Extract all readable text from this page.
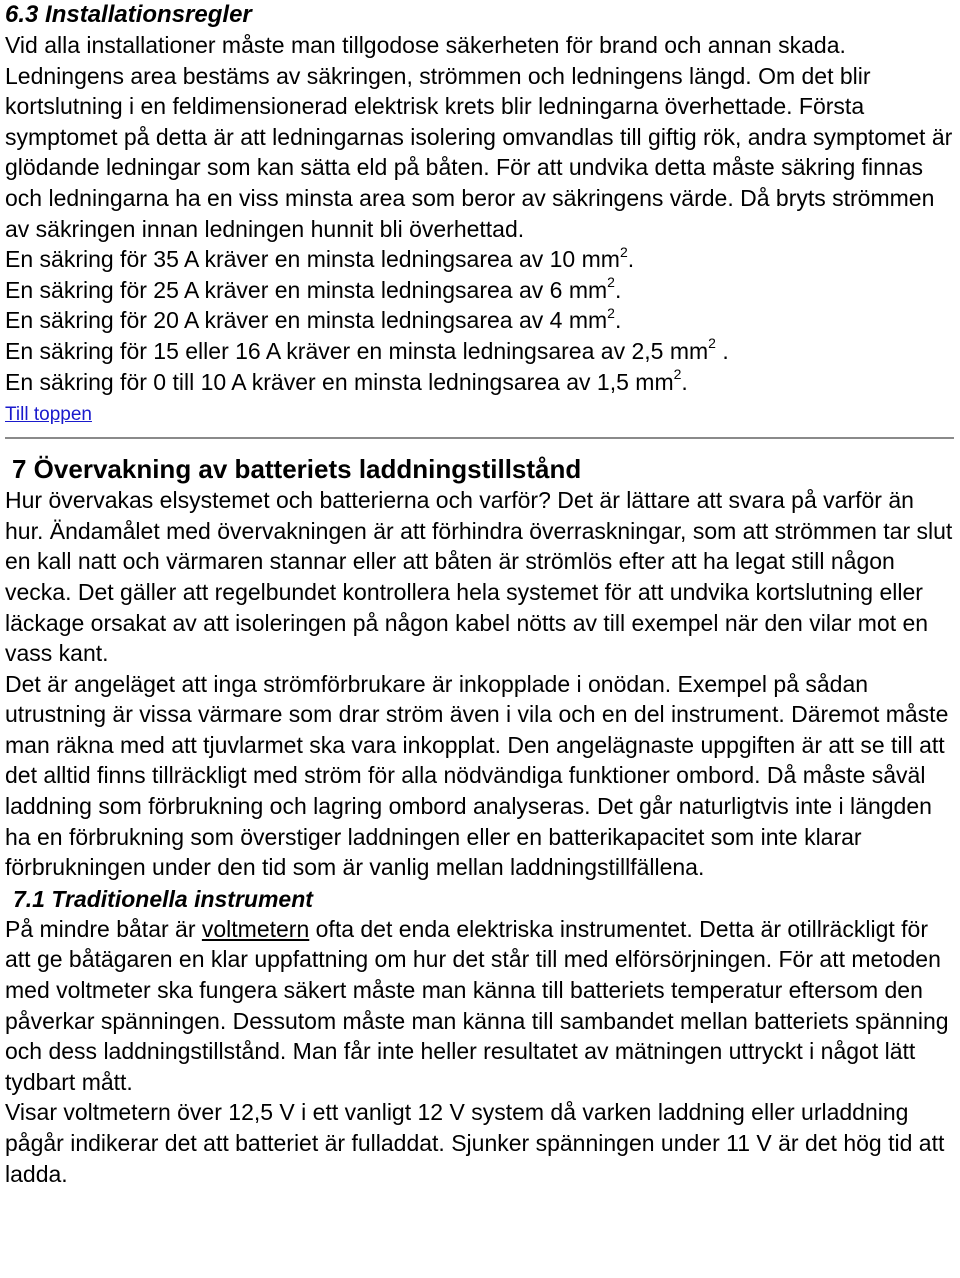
6.3 Installationsregler

Vid alla installationer måste man tillgodose säkerheten för brand och annan skada. Ledningens area bestäms av säkringen, strömmen och ledningens längd. Om det blir kortslutning i en feldimensionerad elektrisk krets blir ledningarna överhettade. Första symptomet på detta är att ledningarnas isolering omvandlas till giftig rök, andra symptomet är glödande ledningar som kan sätta eld på båten. För att undvika detta måste säkring finnas och ledningarna ha en viss minsta area som beror av säkringens värde. Då bryts strömmen av säkringen innan ledningen hunnit bli överhettad.

En säkring för 35 A kräver en minsta ledningsarea av 10 $mm^2$.

En säkring för 25 A kräver en minsta ledningsarea av 6 $mm^2$.

En säkring för 20 A kräver en minsta ledningsarea av 4 $mm^2$.

En säkring för 15 eller 16 A kräver en minsta ledningsarea av 2,5 $mm^2$ .

En säkring för 0 till 10 A kräver en minsta ledningsarea av 1,5 $mm^2$.

Till toppen
7 Övervakning av batteriets laddningstillstånd

Hur övervakas elsystemet och batterierna och varför? Det är lättare att svara på varför än hur. Ändamålet med övervakningen är att förhindra överraskningar, som att strömmen tar slut en kall natt och värmaren stannar eller att båten är strömlös efter att ha legat still någon vecka. Det gäller att regelbundet kontrollera hela systemet för att undvika kortslutning eller läckage orsakat av att isoleringen på någon kabel nötts av till exempel när den vilar mot en vass kant.

Det är angeläget att inga strömförbrukare är inkopplade i onödan. Exempel på sådan utrustning är vissa värmare som drar ström även i vila och en del instrument. Däremot måste man räkna med att tjuvlarmet ska vara inkopplat. Den angelägnaste uppgiften är att se till att det alltid finns tillräckligt med ström för alla nödvändiga funktioner ombord. Då måste såväl laddning som förbrukning och lagring ombord analyseras. Det går naturligtvis inte i längden ha en förbrukning som överstiger laddningen eller en batterikapacitet som inte klarar förbrukningen under den tid som är vanlig mellan laddningstillfällena.

7.1 Traditionella instrument

På mindre båtar är voltmetern ofta det enda elektriska instrumentet. Detta är otillräckligt för att ge båtägaren en klar uppfattning om hur det står till med elförsörjningen. För att metoden med voltmeter ska fungera säkert måste man känna till batteriets temperatur eftersom den påverkar spänningen. Dessutom måste man känna till sambandet mellan batteriets spänning och dess laddningstillstånd. Man får inte heller resultatet av mätningen uttryckt i något lätt tydbart mått.

Visar voltmetern över 12,5 V i ett vanligt 12 V system då varken laddning eller urladdning pågår indikerar det att batteriet är fulladdat. Sjunker spänningen under 11 V är det hög tid att ladda.
